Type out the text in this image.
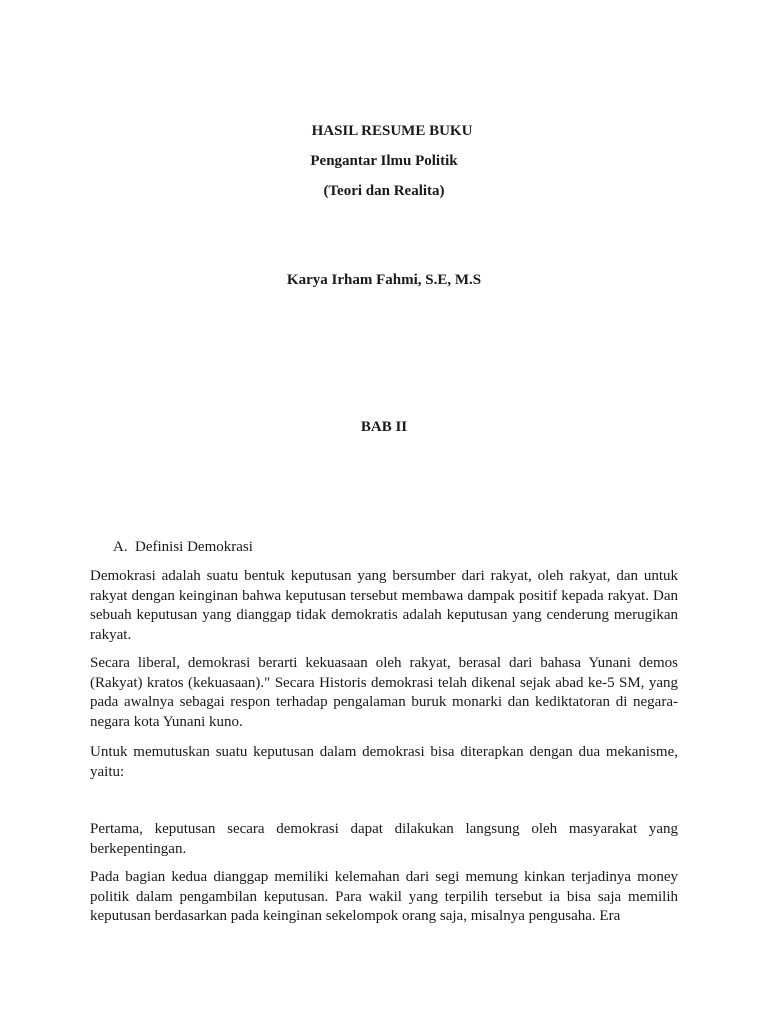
HASIL RESUME BUKU
Pengantar Ilmu Politik
(Teori dan Realita)
Karya Irham Fahmi, S.E, M.S
BAB II
A. Definisi Demokrasi

Demokrasi adalah suatu bentuk keputusan yang bersumber dari rakyat, oleh rakyat, dan untuk rakyat dengan keinginan bahwa keputusan tersebut membawa dampak positif kepada rakyat. Dan sebuah keputusan yang dianggap tidak demokratis adalah keputusan yang cenderung merugikan rakyat.

Secara liberal, demokrasi berarti kekuasaan oleh rakyat, berasal dari bahasa Yunani demos (Rakyat) kratos (kekuasaan)." Secara Historis demokrasi telah dikenal sejak abad ke-5 SM, yang pada awalnya sebagai respon terhadap pengalaman buruk monarki dan kediktatoran di negara-negara kota Yunani kuno.

Untuk memutuskan suatu keputusan dalam demokrasi bisa diterapkan dengan dua mekanisme, yaitu:

Pertama, keputusan secara demokrasi dapat dilakukan langsung oleh masyarakat yang berkepentingan.

Pada bagian kedua dianggap memiliki kelemahan dari segi memung kinkan terjadinya money politik dalam pengambilan keputusan. Para wakil yang terpilih tersebut ia bisa saja memilih keputusan berdasarkan pada keinginan sekelompok orang saja, misalnya pengusaha. Era
